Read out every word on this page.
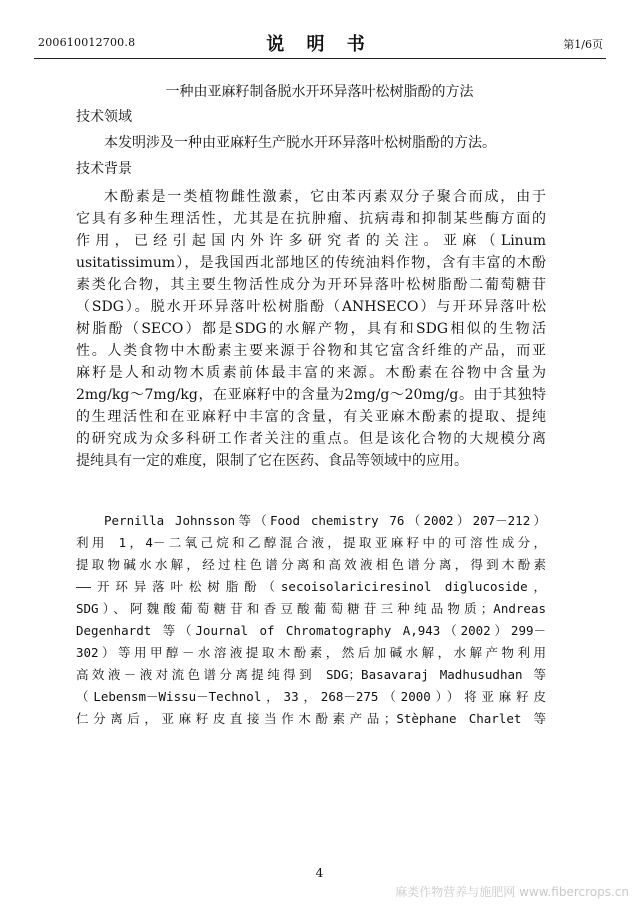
200610012700.8	说 明 书	第1/6页
一种由亚麻籽制备脱水开环异落叶松树脂酚的方法
技术领域
本发明涉及一种由亚麻籽生产脱水开环异落叶松树脂酚的方法。
技术背景
木酚素是一类植物雌性激素，它由苯丙素双分子聚合而成，由于
它具有多种生理活性，尤其是在抗肿瘤、抗病毒和抑制某些酶方面的
作用，已经引起国内外许多研究者的关注。亚麻（Linum
usitatissimum），是我国西北部地区的传统油料作物，含有丰富的木酚
素类化合物，其主要生物活性成分为开环异落叶松树脂酚二葡萄糖苷
（SDG）。脱水开环异落叶松树脂酚（ANHSECO）与开环异落叶松
树脂酚（SECO）都是SDG的水解产物，具有和SDG相似的生物活
性。人类食物中木酚素主要来源于谷物和其它富含纤维的产品，而亚
麻籽是人和动物木质素前体最丰富的来源。木酚素在谷物中含量为
2mg/kg～7mg/kg，在亚麻籽中的含量为2mg/g～20mg/g。由于其独特
的生理活性和在亚麻籽中丰富的含量，有关亚麻木酚素的提取、提纯
的研究成为众多科研工作者关注的重点。但是该化合物的大规模分离
提纯具有一定的难度，限制了它在医药、食品等领域中的应用。
Pernilla Johnsson等（Food chemistry 76（2002）207－212）
利用 1，4－二氧己烷和乙醇混合液，提取亚麻籽中的可溶性成分，
提取物碱水水解，经过柱色谱分离和高效液相色谱分离，得到木酚素
——开环异落叶松树脂酚（secoisolariciresinol diglucoside，
SDG）、阿魏酸葡萄糖苷和香豆酸葡萄糖苷三种纯品物质；Andreas
Degenhardt 等（Journal of Chromatography A,943（2002）299－
302）等用甲醇－水溶液提取木酚素，然后加碱水解，水解产物利用
高效液－液对流色谱分离提纯得到 SDG；Basavaraj Madhusudhan 等
（Lebensm－Wissu－Technol，33，268－275（2000））将亚麻籽皮
仁分离后，亚麻籽皮直接当作木酚素产品；Stèphane Charlet 等
4
麻类作物营养与施肥网 www.fibercrops.cn
